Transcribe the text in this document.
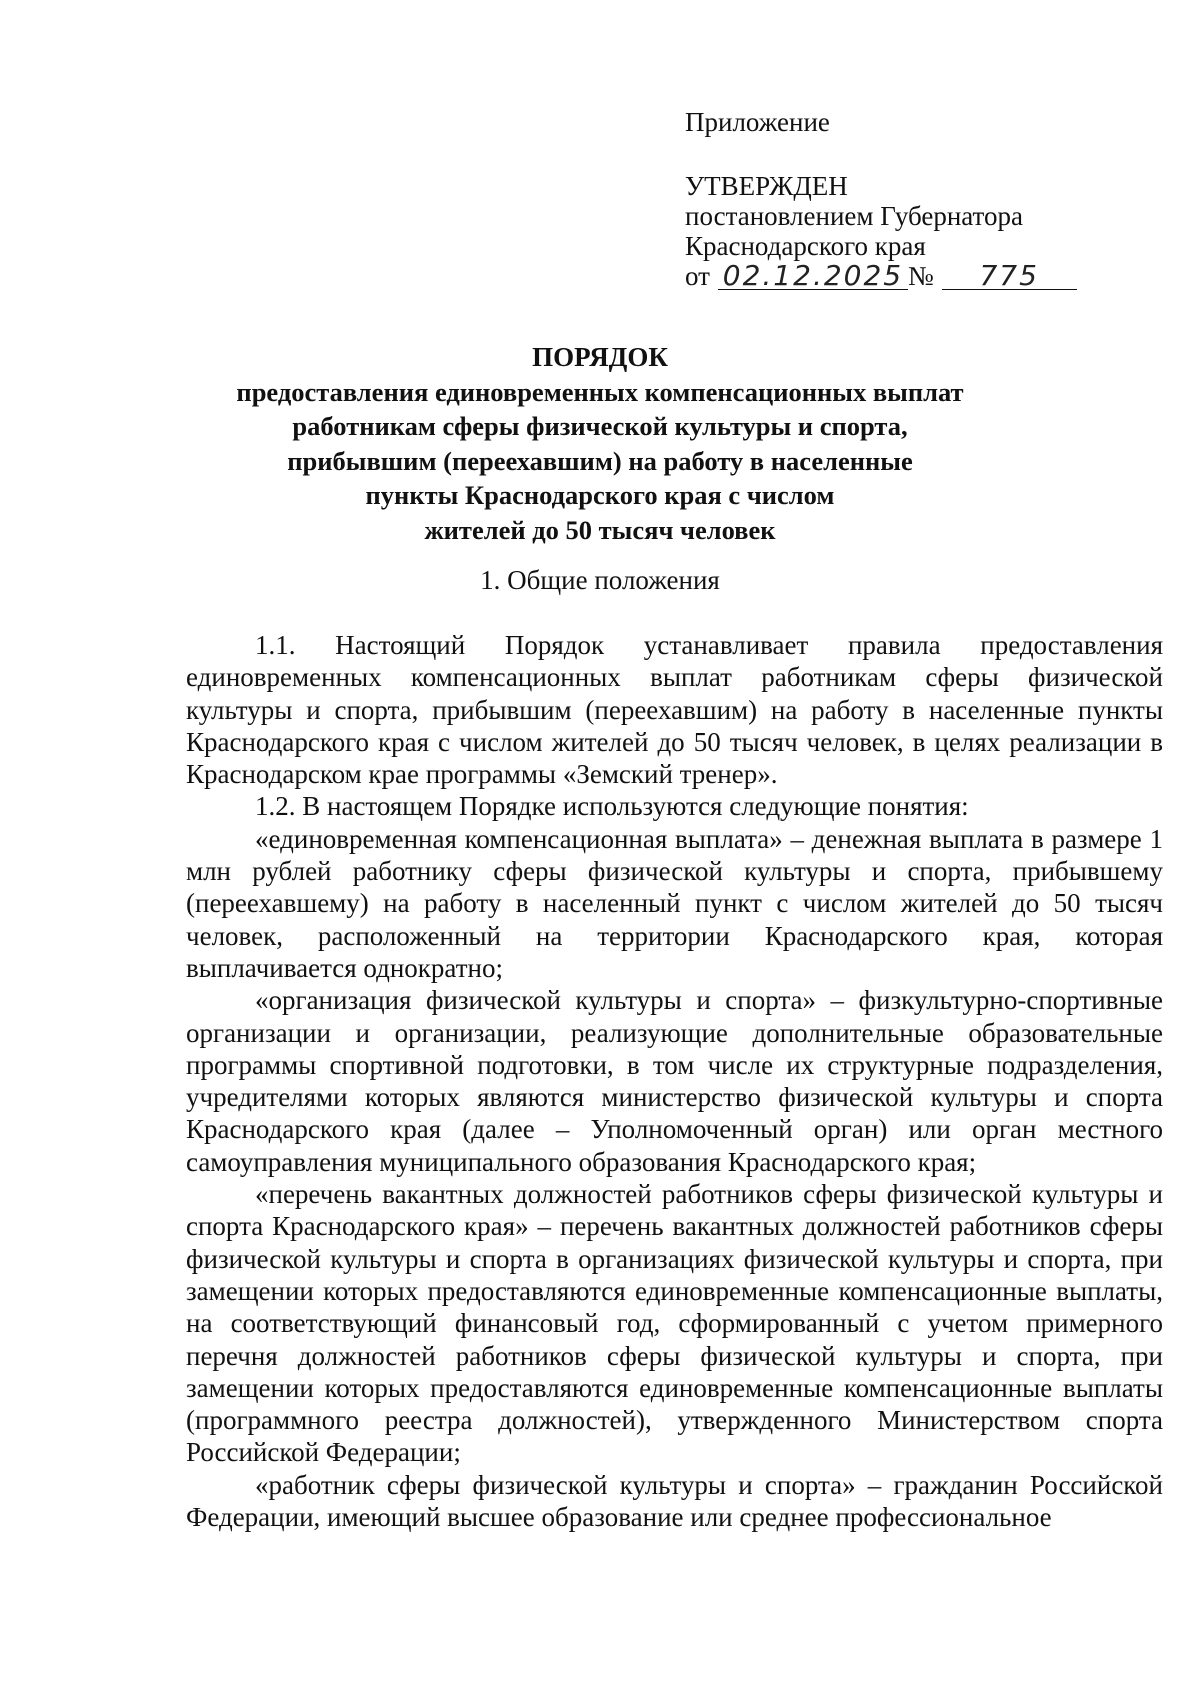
Приложение
УТВЕРЖДЕН
постановлением Губернатора
Краснодарского края
от 02.12.2025 № 775
ПОРЯДОК
предоставления единовременных компенсационных выплат
работникам сферы физической культуры и спорта,
прибывшим (переехавшим) на работу в населенные
пункты Краснодарского края с числом
жителей до 50 тысяч человек
1. Общие положения

1.1. Настоящий Порядок устанавливает правила предоставления единовременных компенсационных выплат работникам сферы физической культуры и спорта, прибывшим (переехавшим) на работу в населенные пункты Краснодарского края с числом жителей до 50 тысяч человек, в целях реализации в Краснодарском крае программы «Земский тренер».

1.2. В настоящем Порядке используются следующие понятия:

«единовременная компенсационная выплата» – денежная выплата в размере 1 млн рублей работнику сферы физической культуры и спорта, прибывшему (переехавшему) на работу в населенный пункт с числом жителей до 50 тысяч человек, расположенный на территории Краснодарского края, которая выплачивается однократно;

«организация физической культуры и спорта» – физкультурно-спортивные организации и организации, реализующие дополнительные образовательные программы спортивной подготовки, в том числе их структурные подразделения, учредителями которых являются министерство физической культуры и спорта Краснодарского края (далее – Уполномоченный орган) или орган местного самоуправления муниципального образования Краснодарского края;

«перечень вакантных должностей работников сферы физической культуры и спорта Краснодарского края» – перечень вакантных должностей работников сферы физической культуры и спорта в организациях физической культуры и спорта, при замещении которых предоставляются единовременные компенсационные выплаты, на соответствующий финансовый год, сформированный с учетом примерного перечня должностей работников сферы физической культуры и спорта, при замещении которых предоставляются единовременные компенсационные выплаты (программного реестра должностей), утвержденного Министерством спорта Российской Федерации;

«работник сферы физической культуры и спорта» – гражданин Российской Федерации, имеющий высшее образование или среднее профессиональное
